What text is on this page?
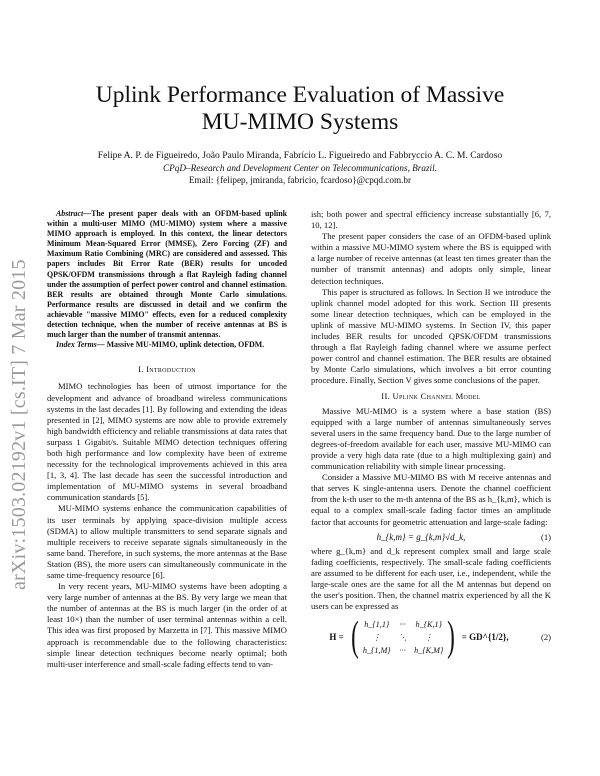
arXiv:1503.02192v1 [cs.IT] 7 Mar 2015
Uplink Performance Evaluation of Massive
MU-MIMO Systems
Felipe A. P. de Figueiredo, João Paulo Miranda, Fabrício L. Figueiredo and Fabbryccio A. C. M. Cardoso
CPqD–Research and Development Center on Telecommunications, Brazil.
Email: {felipep, jmiranda, fabricio, fcardoso}@cpqd.com.br

Abstract—The present paper deals with an OFDM-based uplink within a multi-user MIMO (MU-MIMO) system where a massive MIMO approach is employed. In this context, the linear detectors Minimum Mean-Squared Error (MMSE), Zero Forcing (ZF) and Maximum Ratio Combining (MRC) are considered and assessed. This papers includes Bit Error Rate (BER) results for uncoded QPSK/OFDM transmissions through a flat Rayleigh fading channel under the assumption of perfect power control and channel estimation. BER results are obtained through Monte Carlo simulations. Performance results are discussed in detail and we confirm the achievable "massive MIMO" effects, even for a reduced complexity detection technique, when the number of receive antennas at BS is much larger than the number of transmit antennas.

Index Terms— Massive MU-MIMO, uplink detection, OFDM.

I. Introduction

MIMO technologies has been of utmost importance for the development and advance of broadband wireless communications systems in the last decades [1]. By following and extending the ideas presented in [2], MIMO systems are now able to provide extremely high bandwidth efficiency and reliable transmissions at data rates that surpass 1 Gigabit/s. Suitable MIMO detection techniques offering both high performance and low complexity have been of extreme necessity for the technological improvements achieved in this area [1, 3, 4]. The last decade has seen the successful introduction and implementation of MU-MIMO systems in several broadband communication standards [5].

MU-MIMO systems enhance the communication capabilities of its user terminals by applying space-division multiple access (SDMA) to allow multiple transmitters to send separate signals and multiple receivers to receive separate signals simultaneously in the same band. Therefore, in such systems, the more antennas at the Base Station (BS), the more users can simultaneously communicate in the same time-frequency resource [6].

In very recent years, MU-MIMO systems have been adopting a very large number of antennas at the BS. By very large we mean that the number of antennas at the BS is much larger (in the order of at least 10×) than the number of user terminal antennas within a cell. This idea was first proposed by Marzetta in [7]. This massive MIMO approach is recommendable due to the following characteristics: simple linear detection techniques become nearly optimal; both multi-user interference and small-scale fading effects tend to van-

ish; both power and spectral efficiency increase substantially [6, 7, 10, 12].

The present paper considers the case of an OFDM-based uplink within a massive MU-MIMO system where the BS is equipped with a large number of receive antennas (at least ten times greater than the number of transmit antennas) and adopts only simple, linear detection techniques.

This paper is structured as follows. In Section II we introduce the uplink channel model adopted for this work. Section III presents some linear detection techniques, which can be employed in the uplink of massive MU-MIMO systems. In Section IV, this paper includes BER results for uncoded QPSK/OFDM transmissions through a flat Rayleigh fading channel where we assume perfect power control and channel estimation. The BER results are obtained by Monte Carlo simulations, which involves a bit error counting procedure. Finally, Section V gives some conclusions of the paper.

II. Uplink Channel Model

Massive MU-MIMO is a system where a base station (BS) equipped with a large number of antennas simultaneously serves several users in the same frequency band. Due to the large number of degrees-of-freedom available for each user, massive MU-MIMO can provide a very high data rate (due to a high multiplexing gain) and communication reliability with simple linear processing.

Consider a Massive MU-MIMO BS with M receive antennas and that serves K single-antenna users. Denote the channel coefficient from the k-th user to the m-th antenna of the BS as h_{k,m}, which is equal to a complex small-scale fading factor times an amplitude factor that accounts for geometric attenuation and large-scale fading:

h_{k,m} = g_{k,m}√d_k,	(1)

where g_{k,m} and d_k represent complex small and large scale fading coefficients, respectively. The small-scale fading coefficients are assumed to be different for each user, i.e., independent, while the large-scale ones are the same for all the M antennas but depend on the user's position. Then, the channel matrix experienced by all the K users can be expressed as

H = ( h_{1,1}	···	h_{K,1}
⋮	⋱	⋮
h_{1,M}	···	h_{K,M} ) = GD^{1/2},	(2)
